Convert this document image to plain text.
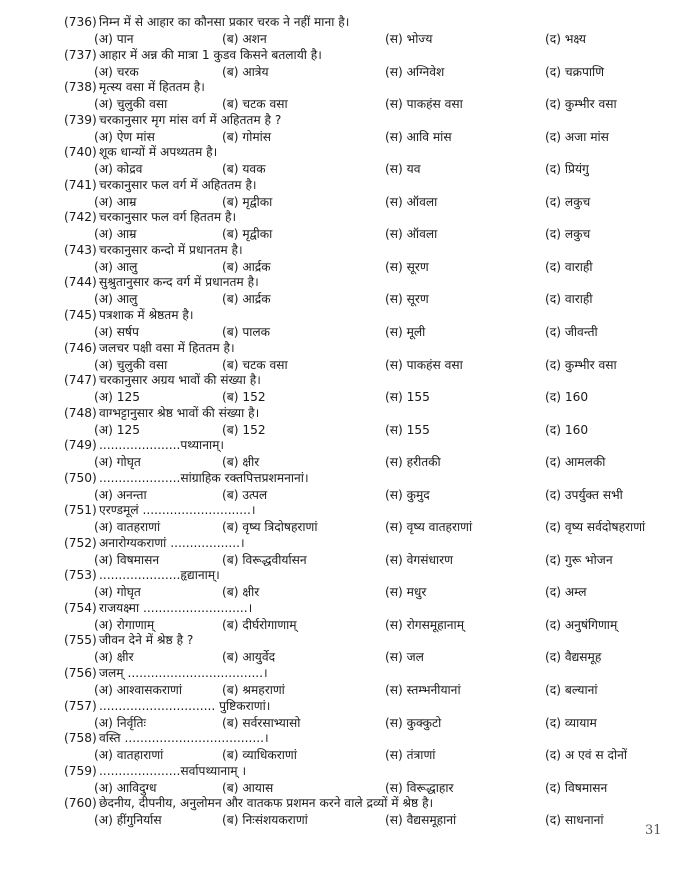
(736) निम्न में से आहार का कौनसा प्रकार चरक ने नहीं माना है।
(अ) पान	(ब) अशन	(स) भोज्य	(द) भक्ष्य
(737) आहार में अन्न की मात्रा 1 कुडव किसने बतलायी है।
(अ) चरक	(ब) आत्रेय	(स) अग्निवेश	(द) चक्रपाणि
(738) मृत्स्य वसा में हिततम है।
(अ) चुलुकी वसा	(ब) चटक वसा	(स) पाकहंस वसा	(द) कुम्भीर वसा
(739) चरकानुसार मृग मांस वर्ग में अहिततम है ?
(अ) ऐण मांस	(ब) गोमांस	(स) आवि मांस	(द) अजा मांस
(740) शूक धान्यों में अपथ्यतम है।
(अ) कोद्रव	(ब) यवक	(स) यव	(द) प्रियंगु
(741) चरकानुसार फल वर्ग में अहिततम है।
(अ) आम्र	(ब) मृद्वीका	(स) ऑवला	(द) लकुच
(742) चरकानुसार फल वर्ग हिततम है।
(अ) आम्र	(ब) मृद्वीका	(स) ऑवला	(द) लकुच
(743) चरकानुसार कन्दो में प्रधानतम है।
(अ) आलु	(ब) आर्द्रक	(स) सूरण	(द) वाराही
(744) सुश्रुतानुसार कन्द वर्ग में प्रधानतम है।
(अ) आलु	(ब) आर्द्रक	(स) सूरण	(द) वाराही
(745) पत्रशाक में श्रेष्ठतम है।
(अ) सर्षप	(ब) पालक	(स) मूली	(द) जीवन्ती
(746) जलचर पक्षी वसा में हिततम है।
(अ) चुलुकी वसा	(ब) चटक वसा	(स) पाकहंस वसा	(द) कुम्भीर वसा
(747) चरकानुसार अग्रय भावों की संख्या है।
(अ) 125	(ब) 152	(स) 155	(द) 160
(748) वाग्भट्टानुसार श्रेष्ठ भावों की संख्या है।
(अ) 125	(ब) 152	(स) 155	(द) 160
(749) .....................पथ्यानाम्।
(अ) गोघृत	(ब) क्षीर	(स) हरीतकी	(द) आमलकी
(750) .....................सांग्राहिक रक्तपित्तप्रशमनानां।
(अ) अनन्ता	(ब) उत्पल	(स) कुमुद	(द) उपर्युक्त सभी
(751) एरण्डमूलं ............................।
(अ) वातहराणां	(ब) वृष्य त्रिदोषहराणां	(स) वृष्य वातहराणां	(द) वृष्य सर्वदोषहराणां
(752) अनारोग्यकराणां ..................।
(अ) विषमासन	(ब) विरूद्धवीर्यासन	(स) वेगसंधारण	(द) गुरू भोजन
(753) .....................हृद्यानाम्।
(अ) गोघृत	(ब) क्षीर	(स) मधुर	(द) अम्ल
(754) राजयक्ष्मा ...........................।
(अ) रोगाणाम्	(ब) दीर्घरोगाणाम्	(स) रोगसमूहानाम्	(द) अनुषंगिणाम्
(755) जीवन देने में श्रेष्ठ है ?
(अ) क्षीर	(ब) आयुर्वेद	(स) जल	(द) वैद्यसमूह
(756) जलम् ...................................।
(अ) आश्वासकराणां	(ब) श्रमहराणां	(स) स्तम्भनीयानां	(द) बल्यानां
(757) .............................. पुष्टिकराणां।
(अ) निर्वृतिः	(ब) सर्वरसाभ्यासो	(स) कुक्कुटो	(द) व्यायाम
(758) वस्ति ....................................।
(अ) वातहाराणां	(ब) व्याधिकराणां	(स) तंत्राणां	(द) अ एवं स दोनों
(759) .....................सर्वापथ्यानाम् ।
(अ) आविदुग्ध	(ब) आयास	(स) विरूद्धाहार	(द) विषमासन
(760) छेदनीय, दीपनीय, अनुलोमन और वातकफ प्रशमन करने वाले द्रव्यों में श्रेष्ठ है।
(अ) हींगुनिर्यास	(ब) निःसंशयकराणां	(स) वैद्यसमूहानां	(द) साधनानां
31
